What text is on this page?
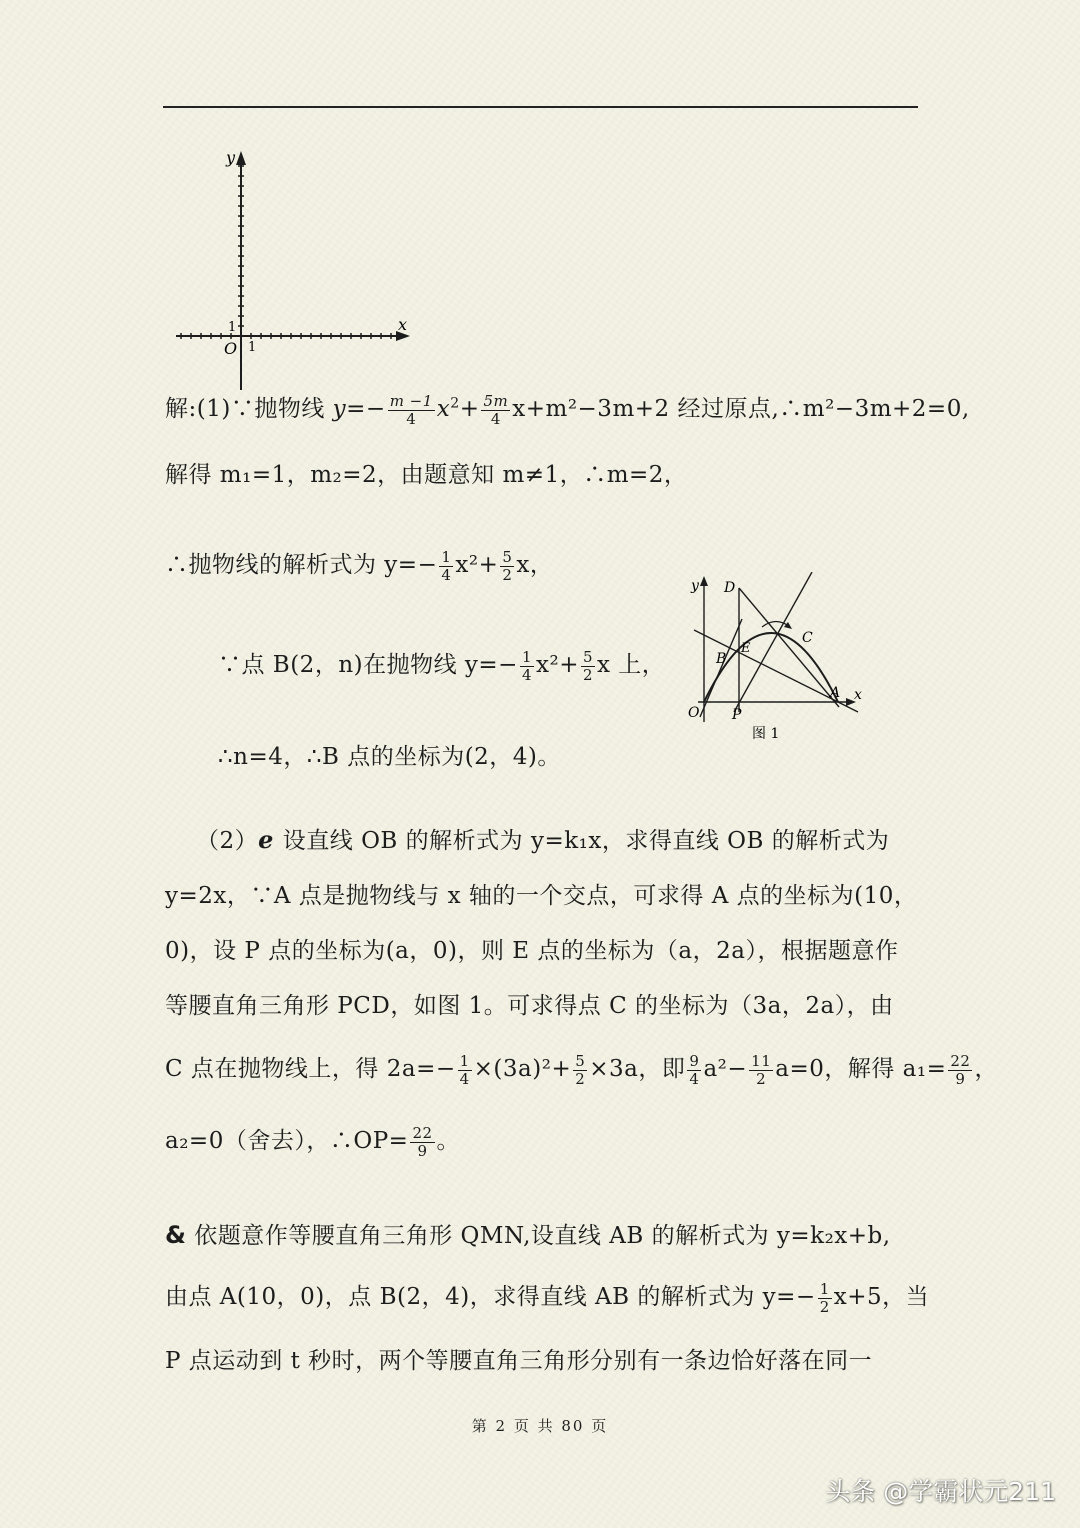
y
x
O 1
1
解:(1)∵抛物线 $y=- \frac{m -1}{4} x^2+ \frac{5m}{4} x+m^2-3m+2$ 经过原点,∴m²−3m+2=0,
解得 m₁=1，m₂=2，由题意知 m≠1，∴m=2，
∴抛物线的解析式为 $y=- \frac{1}{4} x^2+ \frac{5}{2}$ x，
y
x
O P
A
B
C
D
E
图 1
∵点 B(2，n)在抛物线 $y=- \frac{1}{4} x^2+ \frac{5}{2}$ x 上，
∴n=4，∴B 点的坐标为(2，4)。
（2）ℯ 设直线 OB 的解析式为 y=k₁x，求得直线 OB 的解析式为
y=2x，∵A 点是抛物线与 x 轴的一个交点，可求得 A 点的坐标为(10，
0)，设 P 点的坐标为(a，0)，则 E 点的坐标为（a，2a），根据题意作
等腰直角三角形 PCD，如图 1。可求得点 C 的坐标为（3a，2a），由
C 点在抛物线上，得 $2a=- \frac{1}{4} \times(3a)^2+ \frac{5}{2} \times 3a$，即 $\frac{9}{4} a^2- \frac{11}{2} a=0$，解得 $a_1= \frac{22}{9}$ ，
a₂=0（舍去），∴OP= $\frac{22}{9}$ 。
& 依题意作等腰直角三角形 QMN,设直线 AB 的解析式为 y=k₂x+b,
由点 A(10，0)，点 B(2，4)，求得直线 AB 的解析式为 $y=- \frac{1}{2} x+5$，当
P 点运动到 t 秒时，两个等腰直角三角形分别有一条边恰好落在同一
第 2 页 共 80 页
头条 @学霸状元211
